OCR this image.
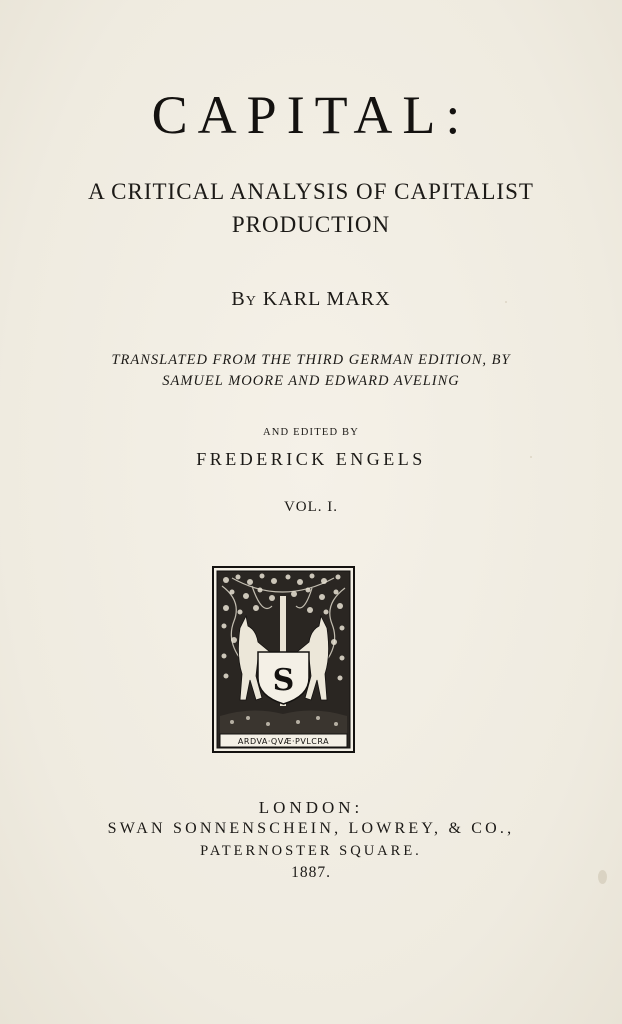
CAPITAL:
A CRITICAL ANALYSIS OF CAPITALIST
PRODUCTION
By KARL MARX
TRANSLATED FROM THE THIRD GERMAN EDITION, BY
SAMUEL MOORE AND EDWARD AVELING
AND EDITED BY
FREDERICK ENGELS
VOL. I.
S
ARDVA·QVÆ·PVLCRA
LONDON:
SWAN SONNENSCHEIN, LOWREY, & CO.,
PATERNOSTER SQUARE.
1887.
